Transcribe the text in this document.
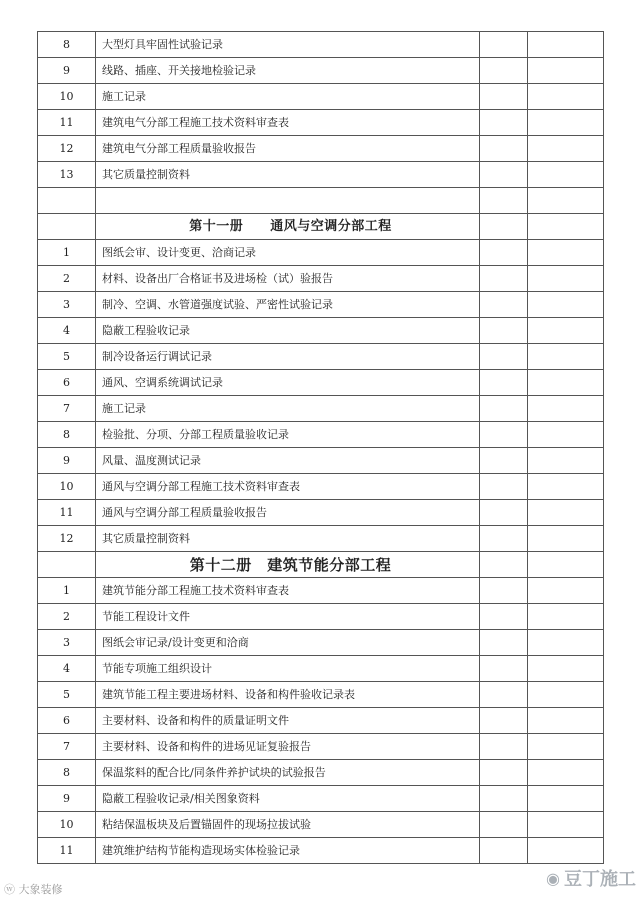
8	大型灯具牢固性试验记录		
9	线路、插座、开关接地检验记录		
10	施工记录		
11	建筑电气分部工程施工技术资料审查表		
12	建筑电气分部工程质量验收报告		
13	其它质量控制资料		

	第十一册　　通风与空调分部工程		
1	图纸会审、设计变更、洽商记录		
2	材料、设备出厂合格证书及进场检（试）验报告		
3	制冷、空调、水管道强度试验、严密性试验记录		
4	隐蔽工程验收记录		
5	制冷设备运行调试记录		
6	通风、空调系统调试记录		
7	施工记录		
8	检验批、分项、分部工程质量验收记录		
9	风量、温度测试记录		
10	通风与空调分部工程施工技术资料审查表		
11	通风与空调分部工程质量验收报告		
12	其它质量控制资料		
	第十二册　建筑节能分部工程		
1	建筑节能分部工程施工技术资料审查表		
2	节能工程设计文件		
3	图纸会审记录/设计变更和洽商		
4	节能专项施工组织设计		
5	建筑节能工程主要进场材料、设备和构件验收记录表		
6	主要材料、设备和构件的质量证明文件		
7	主要材料、设备和构件的进场见证复验报告		
8	保温浆料的配合比/同条件养护试块的试验报告		
9	隐蔽工程验收记录/相关图象资料		
10	粘结保温板块及后置锚固件的现场拉拔试验		
11	建筑维护结构节能构造现场实体检验记录		
ⓦ 大象装修
◉ 豆丁施工
